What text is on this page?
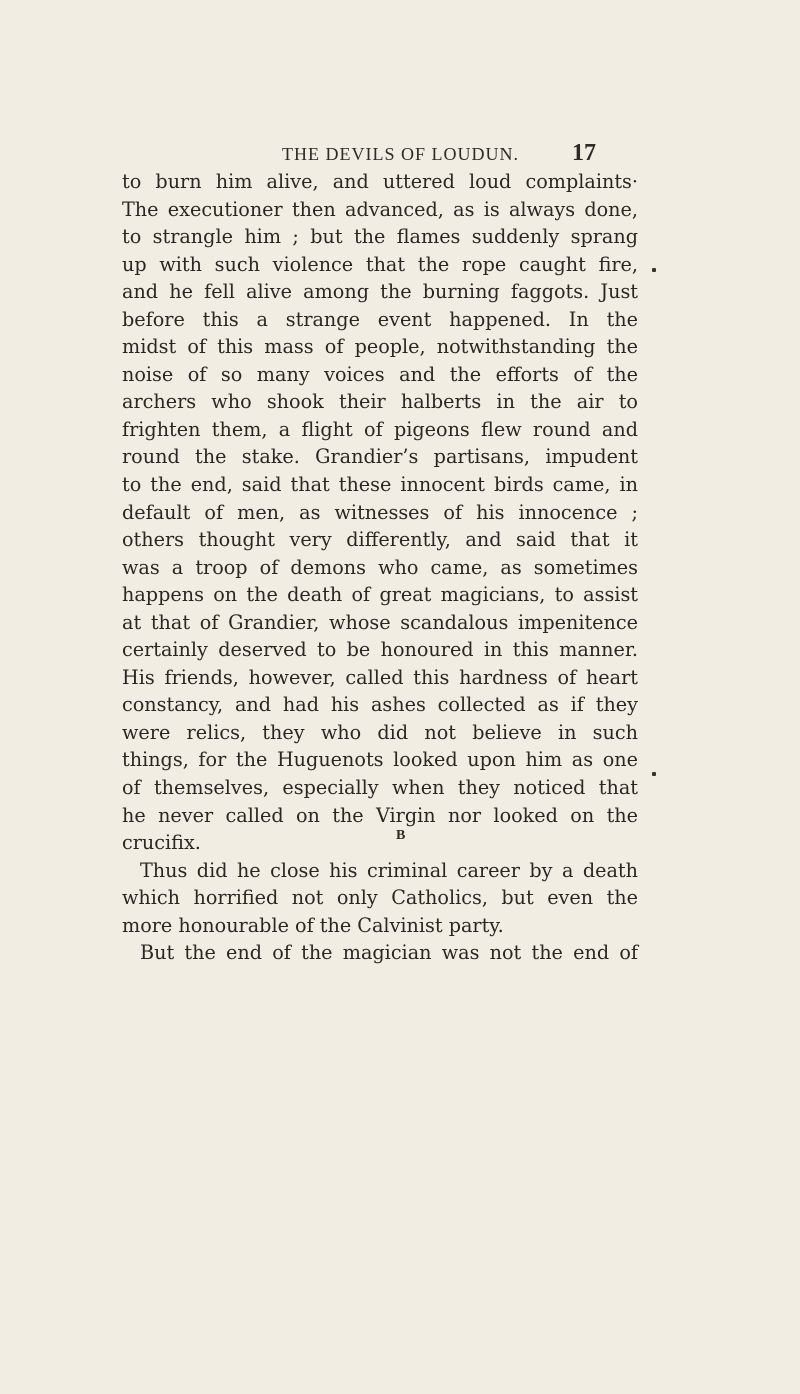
THE DEVILS OF LOUDUN. 17
to burn him alive, and uttered loud complaints·
The executioner then advanced, as is always done,
to strangle him ; but the flames suddenly sprang
up with such violence that the rope caught fire,
and he fell alive among the burning faggots. Just
before this a strange event happened. In the
midst of this mass of people, notwithstanding the
noise of so many voices and the efforts of the
archers who shook their halberts in the air to
frighten them, a flight of pigeons flew round and
round the stake. Grandier’s partisans, impudent
to the end, said that these innocent birds came, in
default of men, as witnesses of his innocence ;
others thought very differently, and said that it
was a troop of demons who came, as sometimes
happens on the death of great magicians, to assist
at that of Grandier, whose scandalous impenitence
certainly deserved to be honoured in this manner.
His friends, however, called this hardness of heart
constancy, and had his ashes collected as if they
were relics, they who did not believe in such
things, for the Huguenots looked upon him as one
of themselves, especially when they noticed that
he never called on the Virgin nor looked on the
crucifix.
Thus did he close his criminal career by a death
which horrified not only Catholics, but even the
more honourable of the Calvinist party.
But the end of the magician was not the end of
B
